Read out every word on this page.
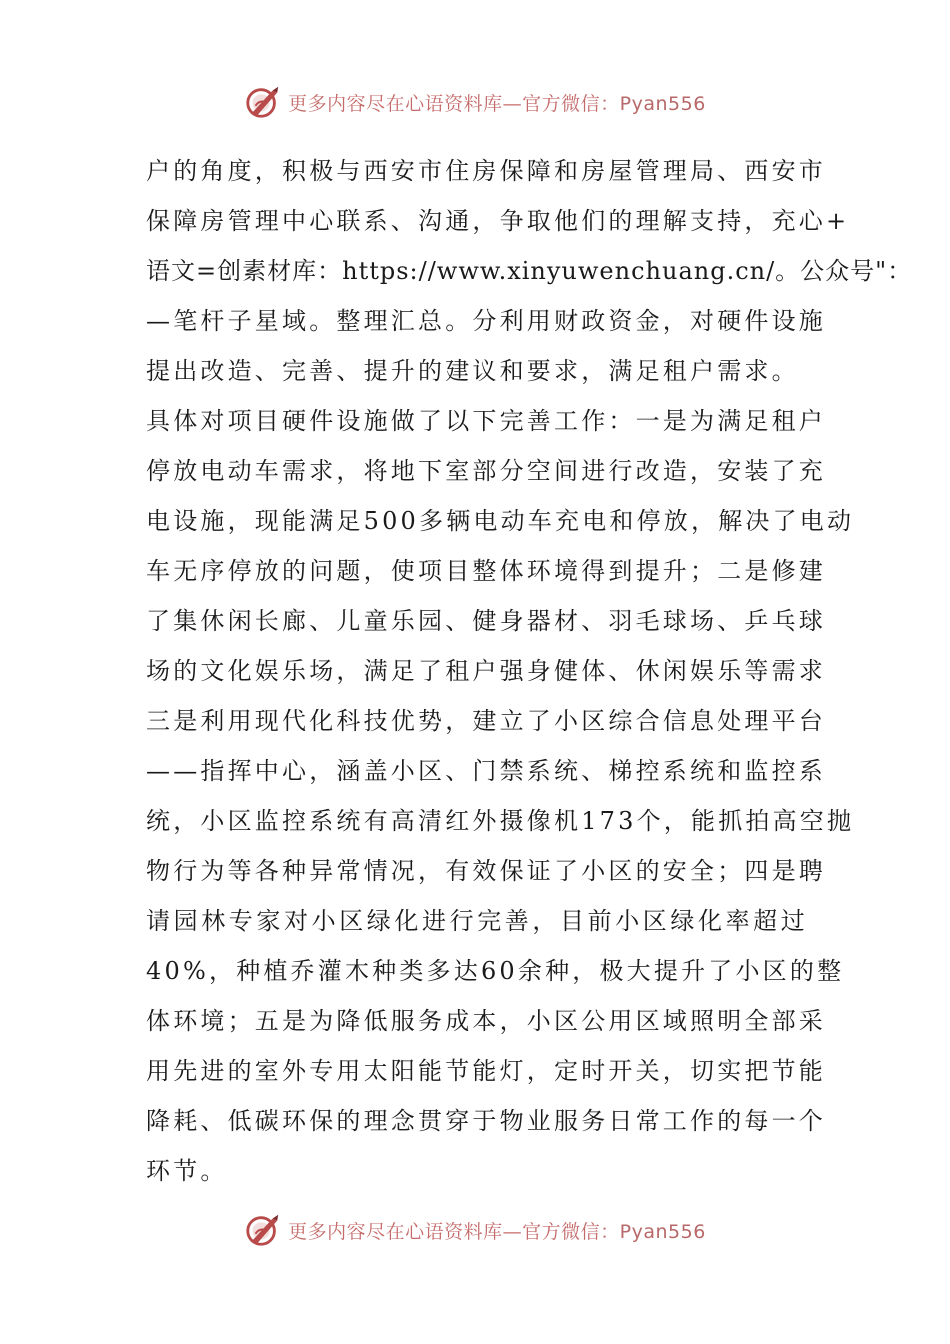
更多内容尽在心语资料库—官方微信：Pyan556
户的角度，积极与西安市住房保障和房屋管理局、西安市
保障房管理中心联系、沟通，争取他们的理解支持，充心+
语文=创素材库：https://www.xinyuwenchuang.cn/。公众号"：
—笔杆子星域。整理汇总。分利用财政资金，对硬件设施
提出改造、完善、提升的建议和要求，满足租户需求。
具体对项目硬件设施做了以下完善工作：一是为满足租户
停放电动车需求，将地下室部分空间进行改造，安装了充
电设施，现能满足500多辆电动车充电和停放，解决了电动
车无序停放的问题，使项目整体环境得到提升；二是修建
了集休闲长廊、儿童乐园、健身器材、羽毛球场、乒乓球
场的文化娱乐场，满足了租户强身健体、休闲娱乐等需求
三是利用现代化科技优势，建立了小区综合信息处理平台
——指挥中心，涵盖小区、门禁系统、梯控系统和监控系
统，小区监控系统有高清红外摄像机173个，能抓拍高空抛
物行为等各种异常情况，有效保证了小区的安全；四是聘
请园林专家对小区绿化进行完善，目前小区绿化率超过
40%，种植乔灌木种类多达60余种，极大提升了小区的整
体环境；五是为降低服务成本，小区公用区域照明全部采
用先进的室外专用太阳能节能灯，定时开关，切实把节能
降耗、低碳环保的理念贯穿于物业服务日常工作的每一个
环节。
更多内容尽在心语资料库—官方微信：Pyan556
